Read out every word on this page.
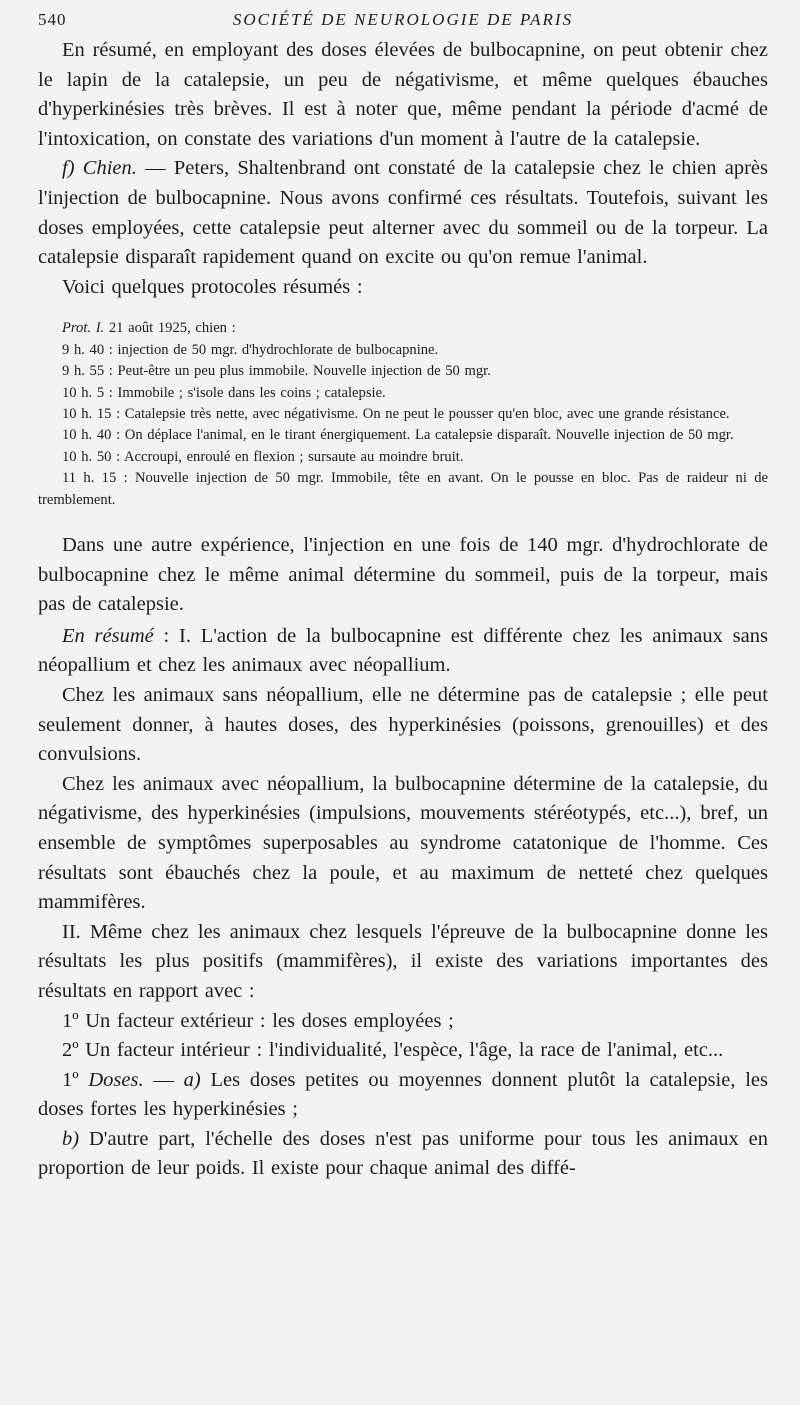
540	SOCIÉTÉ DE NEUROLOGIE DE PARIS

En résumé, en employant des doses élevées de bulbocapnine, on peut obtenir chez le lapin de la catalepsie, un peu de négativisme, et même quelques ébauches d'hyperkinésies très brèves. Il est à noter que, même pendant la période d'acmé de l'intoxication, on constate des variations d'un moment à l'autre de la catalepsie.

f) Chien. — Peters, Shaltenbrand ont constaté de la catalepsie chez le chien après l'injection de bulbocapnine. Nous avons confirmé ces résultats. Toutefois, suivant les doses employées, cette catalepsie peut alterner avec du sommeil ou de la torpeur. La catalepsie disparaît rapidement quand on excite ou qu'on remue l'animal.

Voici quelques protocoles résumés :

Prot. I. 21 août 1925, chien :

9 h. 40 : injection de 50 mgr. d'hydrochlorate de bulbocapnine.

9 h. 55 : Peut-être un peu plus immobile. Nouvelle injection de 50 mgr.

10 h. 5 : Immobile ; s'isole dans les coins ; catalepsie.

10 h. 15 : Catalepsie très nette, avec négativisme. On ne peut le pousser qu'en bloc, avec une grande résistance.

10 h. 40 : On déplace l'animal, en le tirant énergiquement. La catalepsie disparaît. Nouvelle injection de 50 mgr.

10 h. 50 : Accroupi, enroulé en flexion ; sursaute au moindre bruit.

11 h. 15 : Nouvelle injection de 50 mgr. Immobile, tête en avant. On le pousse en bloc. Pas de raideur ni de tremblement.

Dans une autre expérience, l'injection en une fois de 140 mgr. d'hydrochlorate de bulbocapnine chez le même animal détermine du sommeil, puis de la torpeur, mais pas de catalepsie.

En résumé : I. L'action de la bulbocapnine est différente chez les animaux sans néopallium et chez les animaux avec néopallium.

Chez les animaux sans néopallium, elle ne détermine pas de catalepsie ; elle peut seulement donner, à hautes doses, des hyperkinésies (poissons, grenouilles) et des convulsions.

Chez les animaux avec néopallium, la bulbocapnine détermine de la catalepsie, du négativisme, des hyperkinésies (impulsions, mouvements stéréotypés, etc...), bref, un ensemble de symptômes superposables au syndrome catatonique de l'homme. Ces résultats sont ébauchés chez la poule, et au maximum de netteté chez quelques mammifères.

II. Même chez les animaux chez lesquels l'épreuve de la bulbocapnine donne les résultats les plus positifs (mammifères), il existe des variations importantes des résultats en rapport avec :

1º Un facteur extérieur : les doses employées ;

2º Un facteur intérieur : l'individualité, l'espèce, l'âge, la race de l'animal, etc...

1º Doses. — a) Les doses petites ou moyennes donnent plutôt la catalepsie, les doses fortes les hyperkinésies ;

b) D'autre part, l'échelle des doses n'est pas uniforme pour tous les animaux en proportion de leur poids. Il existe pour chaque animal des diffé-
